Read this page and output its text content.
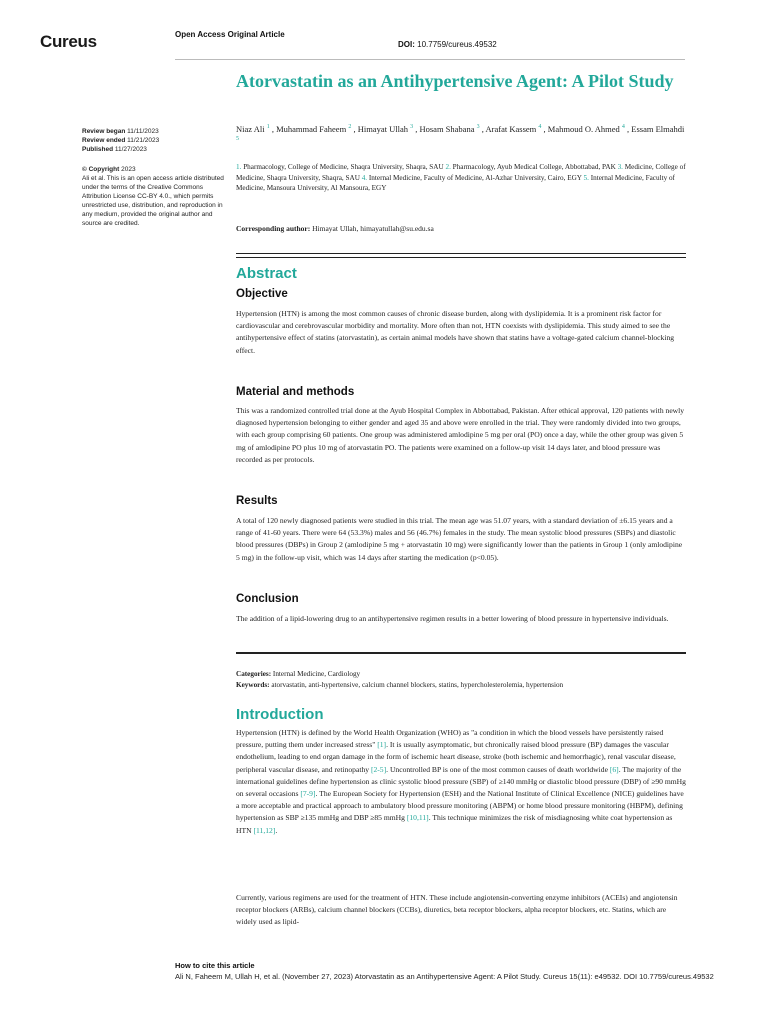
Cureus	Open Access Original Article
DOI: 10.7759/cureus.49532
Atorvastatin as an Antihypertensive Agent: A Pilot Study
Review began 11/11/2023
Review ended 11/21/2023
Published 11/27/2023
© Copyright 2023
Ali et al. This is an open access article distributed under the terms of the Creative Commons Attribution License CC-BY 4.0., which permits unrestricted use, distribution, and reproduction in any medium, provided the original author and source are credited.
Niaz Ali $^1$ , Muhammad Faheem $^2$ , Himayat Ullah $^3$ , Hosam Shabana $^3$ , Arafat Kassem $^4$ , Mahmoud O. Ahmed $^4$ , Essam Elmahdi $^5$
1. Pharmacology, College of Medicine, Shaqra University, Shaqra, SAU 2. Pharmacology, Ayub Medical College, Abbottabad, PAK 3. Medicine, College of Medicine, Shaqra University, Shaqra, SAU 4. Internal Medicine, Faculty of Medicine, Al-Azhar University, Cairo, EGY 5. Internal Medicine, Faculty of Medicine, Mansoura University, Al Mansoura, EGY
Corresponding author: Himayat Ullah, himayatullah@su.edu.sa
Abstract
Objective
Hypertension (HTN) is among the most common causes of chronic disease burden, along with dyslipidemia. It is a prominent risk factor for cardiovascular and cerebrovascular morbidity and mortality. More often than not, HTN coexists with dyslipidemia. This study aimed to see the antihypertensive effect of statins (atorvastatin), as certain animal models have shown that statins have a voltage-gated calcium channel-blocking effect.
Material and methods
This was a randomized controlled trial done at the Ayub Hospital Complex in Abbottabad, Pakistan. After ethical approval, 120 patients with newly diagnosed hypertension belonging to either gender and aged 35 and above were enrolled in the trial. They were randomly divided into two groups, with each group comprising 60 patients. One group was administered amlodipine 5 mg per oral (PO) once a day, while the other group was given 5 mg of amlodipine PO plus 10 mg of atorvastatin PO. The patients were examined on a follow-up visit 14 days later, and blood pressure was recorded as per protocols.
Results
A total of 120 newly diagnosed patients were studied in this trial. The mean age was 51.07 years, with a standard deviation of ±6.15 years and a range of 41-60 years. There were 64 (53.3%) males and 56 (46.7%) females in the study. The mean systolic blood pressures (SBPs) and diastolic blood pressures (DBPs) in Group 2 (amlodipine 5 mg + atorvastatin 10 mg) were significantly lower than the patients in Group 1 (only amlodipine 5 mg) in the follow-up visit, which was 14 days after starting the medication (p<0.05).
Conclusion
The addition of a lipid-lowering drug to an antihypertensive regimen results in a better lowering of blood pressure in hypertensive individuals.
Categories: Internal Medicine, Cardiology
Keywords: atorvastatin, anti-hypertensive, calcium channel blockers, statins, hypercholesterolemia, hypertension
Introduction
Hypertension (HTN) is defined by the World Health Organization (WHO) as "a condition in which the blood vessels have persistently raised pressure, putting them under increased stress" [1]. It is usually asymptomatic, but chronically raised blood pressure (BP) damages the vascular endothelium, leading to end organ damage in the form of ischemic heart disease, stroke (both ischemic and hemorrhagic), renal vascular disease, peripheral vascular disease, and retinopathy [2-5]. Uncontrolled BP is one of the most common causes of death worldwide [6]. The majority of the international guidelines define hypertension as clinic systolic blood pressure (SBP) of ≥140 mmHg or diastolic blood pressure (DBP) of ≥90 mmHg on several occasions [7-9]. The European Society for Hypertension (ESH) and the National Institute of Clinical Excellence (NICE) guidelines have a more acceptable and practical approach to ambulatory blood pressure monitoring (ABPM) or home blood pressure monitoring (HBPM), defining hypertension as SBP ≥135 mmHg and DBP ≥85 mmHg [10,11]. This technique minimizes the risk of misdiagnosing white coat hypertension as HTN [11,12].
Currently, various regimens are used for the treatment of HTN. These include angiotensin-converting enzyme inhibitors (ACEIs) and angiotensin receptor blockers (ARBs), calcium channel blockers (CCBs), diuretics, beta receptor blockers, alpha receptor blockers, etc. Statins, which are widely used as lipid-
How to cite this article
Ali N, Faheem M, Ullah H, et al. (November 27, 2023) Atorvastatin as an Antihypertensive Agent: A Pilot Study. Cureus 15(11): e49532. DOI 10.7759/cureus.49532
